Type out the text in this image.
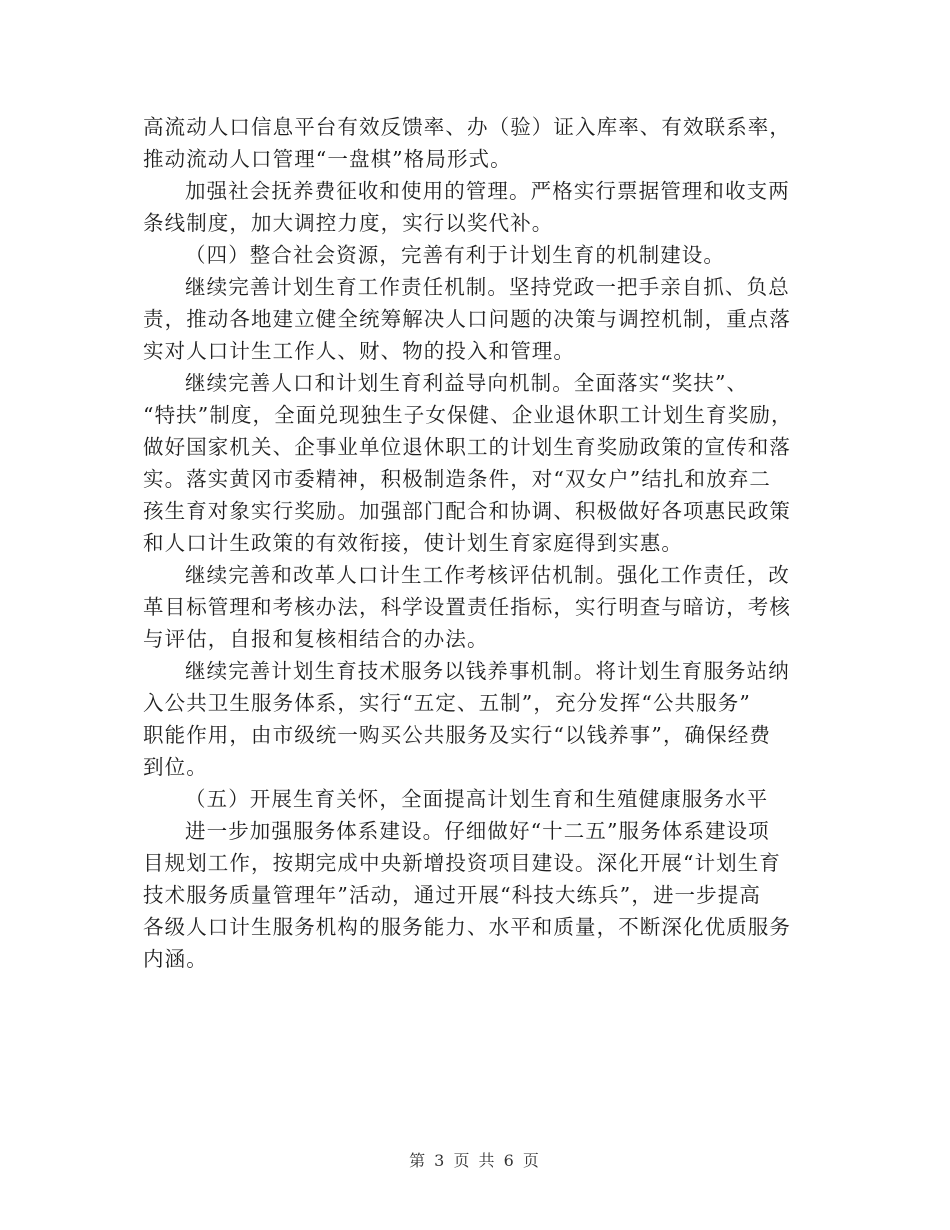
高流动人口信息平台有效反馈率、办（验）证入库率、有效联系率，
推动流动人口管理“一盘棋”格局形式。

加强社会抚养费征收和使用的管理。严格实行票据管理和收支两
条线制度，加大调控力度，实行以奖代补。

（四）整合社会资源，完善有利于计划生育的机制建设。

继续完善计划生育工作责任机制。坚持党政一把手亲自抓、负总
责，推动各地建立健全统筹解决人口问题的决策与调控机制，重点落
实对人口计生工作人、财、物的投入和管理。

继续完善人口和计划生育利益导向机制。全面落实“奖扶”、
“特扶”制度，全面兑现独生子女保健、企业退休职工计划生育奖励，
做好国家机关、企事业单位退休职工的计划生育奖励政策的宣传和落
实。落实黄冈市委精神，积极制造条件，对“双女户”结扎和放弃二
孩生育对象实行奖励。加强部门配合和协调、积极做好各项惠民政策
和人口计生政策的有效衔接，使计划生育家庭得到实惠。

继续完善和改革人口计生工作考核评估机制。强化工作责任，改
革目标管理和考核办法，科学设置责任指标，实行明查与暗访，考核
与评估，自报和复核相结合的办法。

继续完善计划生育技术服务以钱养事机制。将计划生育服务站纳
入公共卫生服务体系，实行“五定、五制”，充分发挥“公共服务”
职能作用，由市级统一购买公共服务及实行“以钱养事”，确保经费
到位。

（五）开展生育关怀，全面提高计划生育和生殖健康服务水平

进一步加强服务体系建设。仔细做好“十二五”服务体系建设项
目规划工作，按期完成中央新增投资项目建设。深化开展“计划生育
技术服务质量管理年”活动，通过开展“科技大练兵”，进一步提高
各级人口计生服务机构的服务能力、水平和质量，不断深化优质服务
内涵。

第 3 页 共 6 页
